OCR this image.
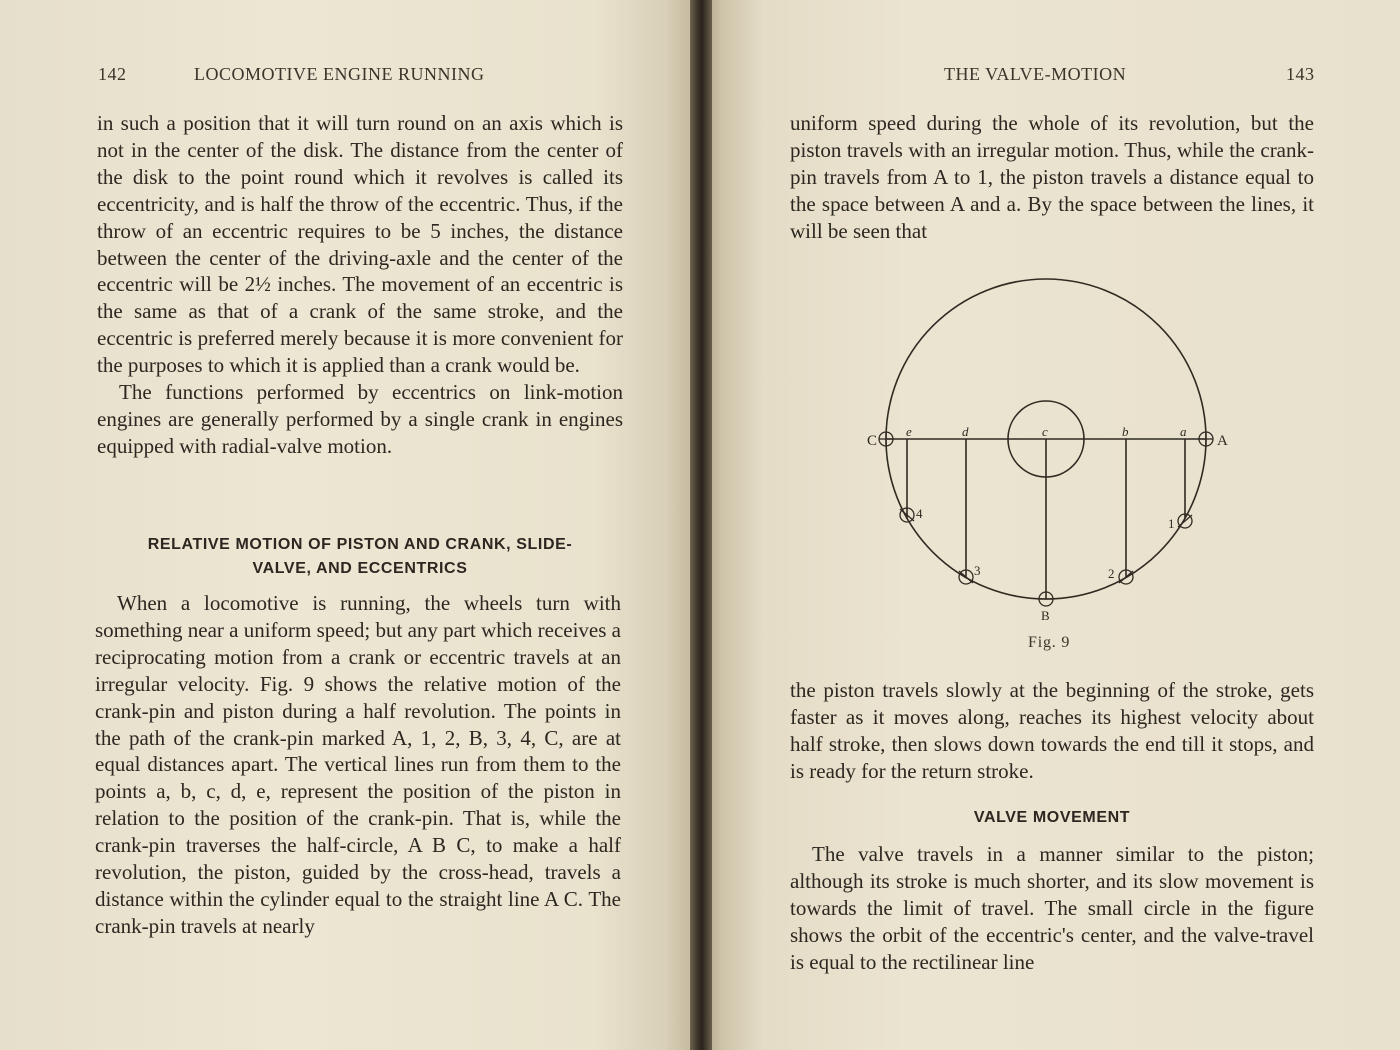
142	LOCOMOTIVE ENGINE RUNNING

in such a position that it will turn round on an axis which is not in the center of the disk. The distance from the center of the disk to the point round which it revolves is called its eccentricity, and is half the throw of the eccentric. Thus, if the throw of an eccentric requires to be 5 inches, the distance between the center of the driving-axle and the center of the eccentric will be 2½ inches. The movement of an eccentric is the same as that of a crank of the same stroke, and the eccentric is preferred merely because it is more convenient for the purposes to which it is applied than a crank would be.

The functions performed by eccentrics on link-motion engines are generally performed by a single crank in engines equipped with radial-valve motion.

RELATIVE MOTION OF PISTON AND CRANK, SLIDE-
VALVE, AND ECCENTRICS

When a locomotive is running, the wheels turn with something near a uniform speed; but any part which receives a reciprocating motion from a crank or eccentric travels at an irregular velocity. Fig. 9 shows the relative motion of the crank-pin and piston during a half revolution. The points in the path of the crank-pin marked A, 1, 2, B, 3, 4, C, are at equal distances apart. The vertical lines run from them to the points a, b, c, d, e, represent the position of the piston in relation to the position of the crank-pin. That is, while the crank-pin traverses the half-circle, A B C, to make a half revolution, the piston, guided by the cross-head, travels a distance within the cylinder equal to the straight line A C. The crank-pin travels at nearly

THE VALVE-MOTION	143

uniform speed during the whole of its revolution, but the piston travels with an irregular motion. Thus, while the crank-pin travels from A to 1, the piston travels a distance equal to the space between A and a. By the space between the lines, it will be seen that

A
C
B
a
b
c
d
e
1
2
3
4
Fig. 9

the piston travels slowly at the beginning of the stroke, gets faster as it moves along, reaches its highest velocity about half stroke, then slows down towards the end till it stops, and is ready for the return stroke.

VALVE MOVEMENT

The valve travels in a manner similar to the piston; although its stroke is much shorter, and its slow movement is towards the limit of travel. The small circle in the figure shows the orbit of the eccentric's center, and the valve-travel is equal to the rectilinear line
